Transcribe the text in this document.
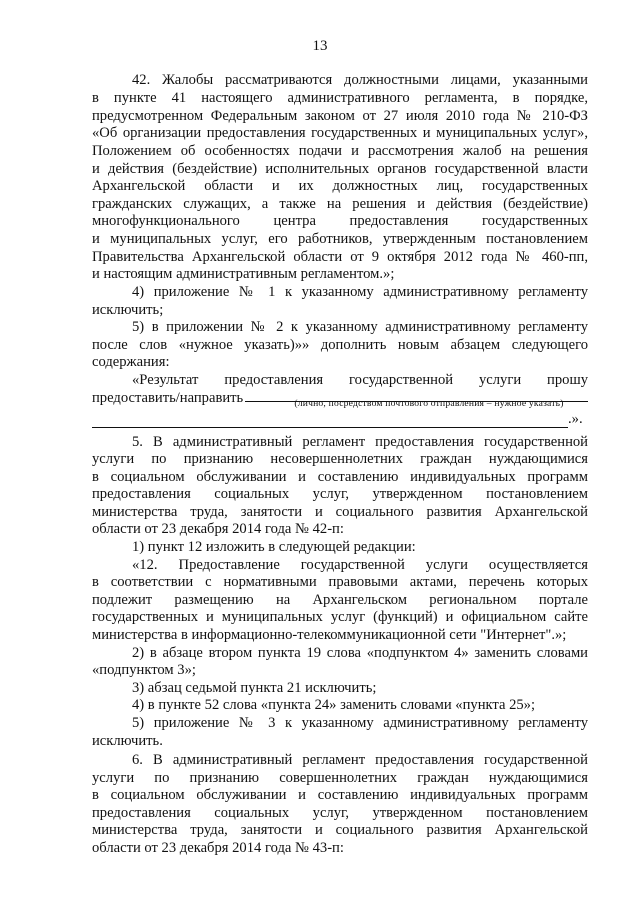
13
42. Жалобы рассматриваются должностными лицами, указанными
в пункте 41 настоящего административного регламента, в порядке,
предусмотренном Федеральным законом от 27 июля 2010 года № 210-ФЗ
«Об организации предоставления государственных и муниципальных услуг»,
Положением об особенностях подачи и рассмотрения жалоб на решения
и действия (бездействие) исполнительных органов государственной власти
Архангельской области и их должностных лиц, государственных
гражданских служащих, а также на решения и действия (бездействие)
многофункционального центра предоставления государственных
и муниципальных услуг, его работников, утвержденным постановлением
Правительства Архангельской области от 9 октября 2012 года № 460-пп,
и настоящим административным регламентом.»;
4) приложение № 1 к указанному административному регламенту
исключить;
5) в приложении № 2 к указанному административному регламенту
после слов «нужное указать)»» дополнить новым абзацем следующего
содержания:
«Результат предоставления государственной услуги прошу
предоставить/направить	(лично, посредством почтового отправления – нужное указать)
.».
5. В административный регламент предоставления государственной
услуги по признанию несовершеннолетних граждан нуждающимися
в социальном обслуживании и составлению индивидуальных программ
предоставления социальных услуг, утвержденном постановлением
министерства труда, занятости и социального развития Архангельской
области от 23 декабря 2014 года № 42-п:
1) пункт 12 изложить в следующей редакции:
«12. Предоставление государственной услуги осуществляется
в соответствии с нормативными правовыми актами, перечень которых
подлежит размещению на Архангельском региональном портале
государственных и муниципальных услуг (функций) и официальном сайте
министерства в информационно-телекоммуникационной сети "Интернет".»;
2) в абзаце втором пункта 19 слова «подпунктом 4» заменить словами
«подпунктом 3»;
3) абзац седьмой пункта 21 исключить;
4) в пункте 52 слова «пункта 24» заменить словами «пункта 25»;
5) приложение № 3 к указанному административному регламенту
исключить.
6. В административный регламент предоставления государственной
услуги по признанию совершеннолетних граждан нуждающимися
в социальном обслуживании и составлению индивидуальных программ
предоставления социальных услуг, утвержденном постановлением
министерства труда, занятости и социального развития Архангельской
области от 23 декабря 2014 года № 43-п:
